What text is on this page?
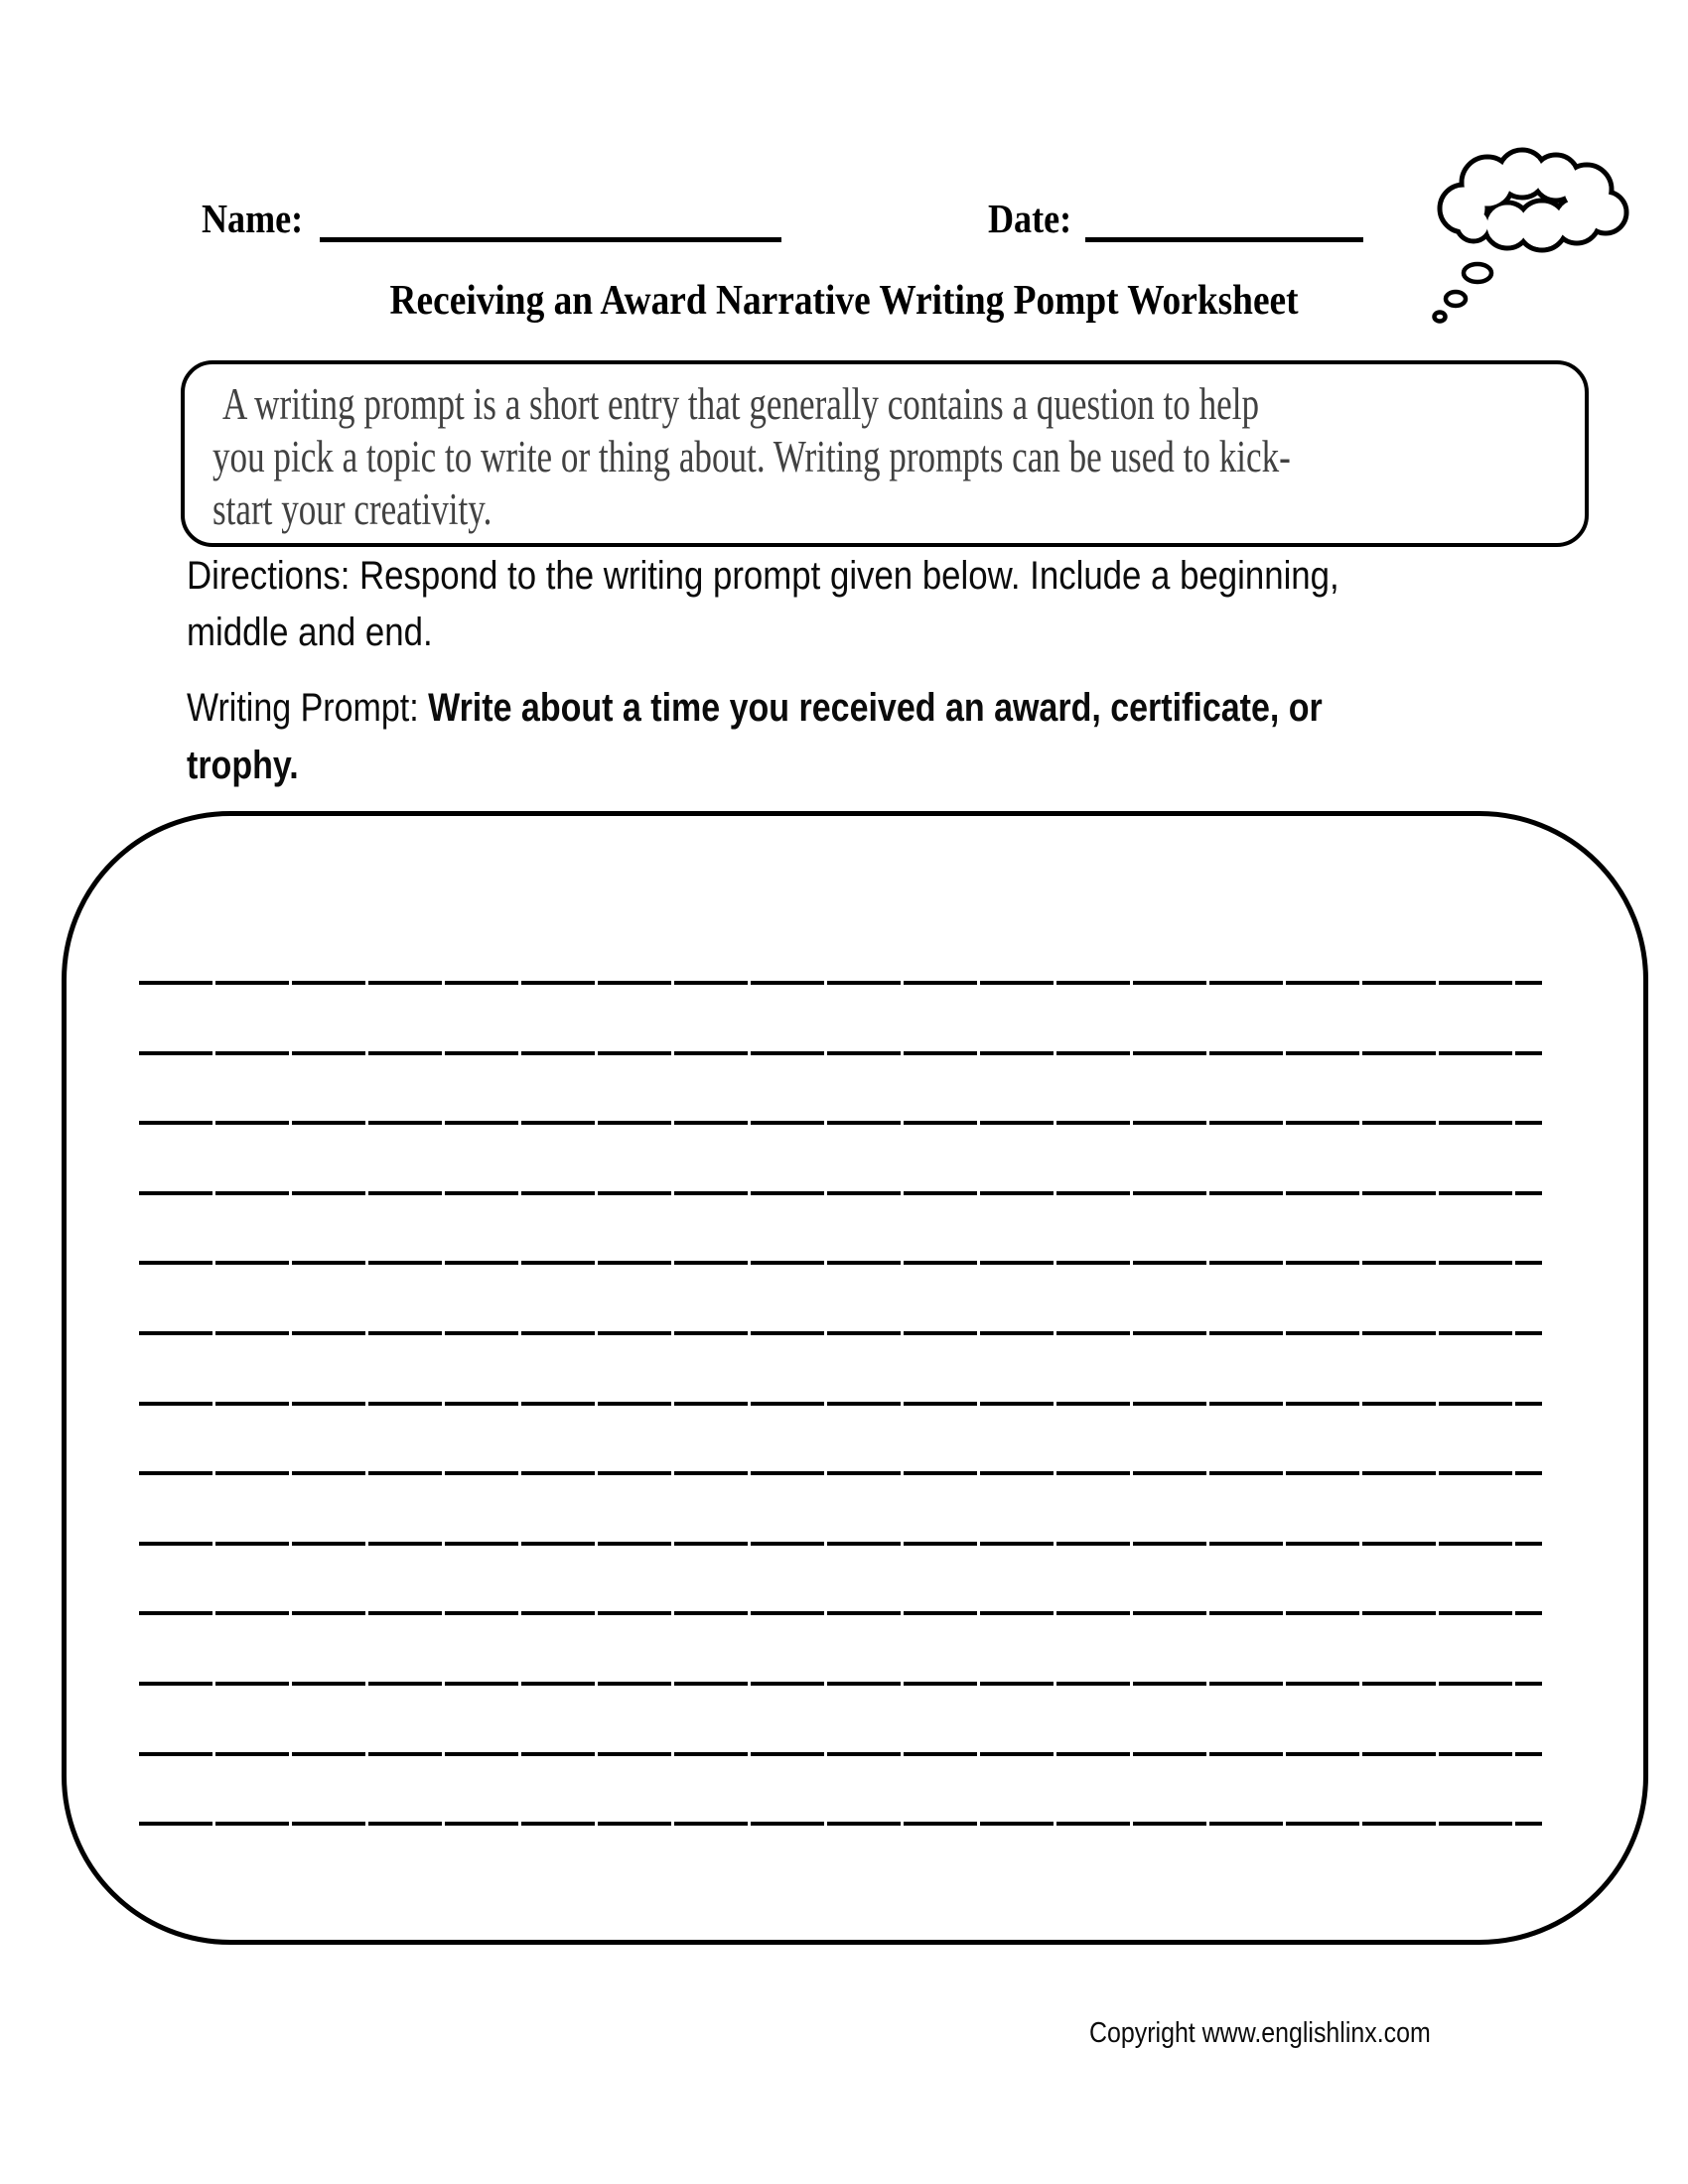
Name:	Date:
Receiving an Award Narrative Writing Pompt Worksheet
A writing prompt is a short entry that generally contains a question to help
you pick a topic to write or thing about. Writing prompts can be used to kick-
start your creativity.
Directions: Respond to the writing prompt given below. Include a beginning,
middle and end.
Writing Prompt: Write about a time you received an award, certificate, or
trophy.
Copyright www.englishlinx.com
